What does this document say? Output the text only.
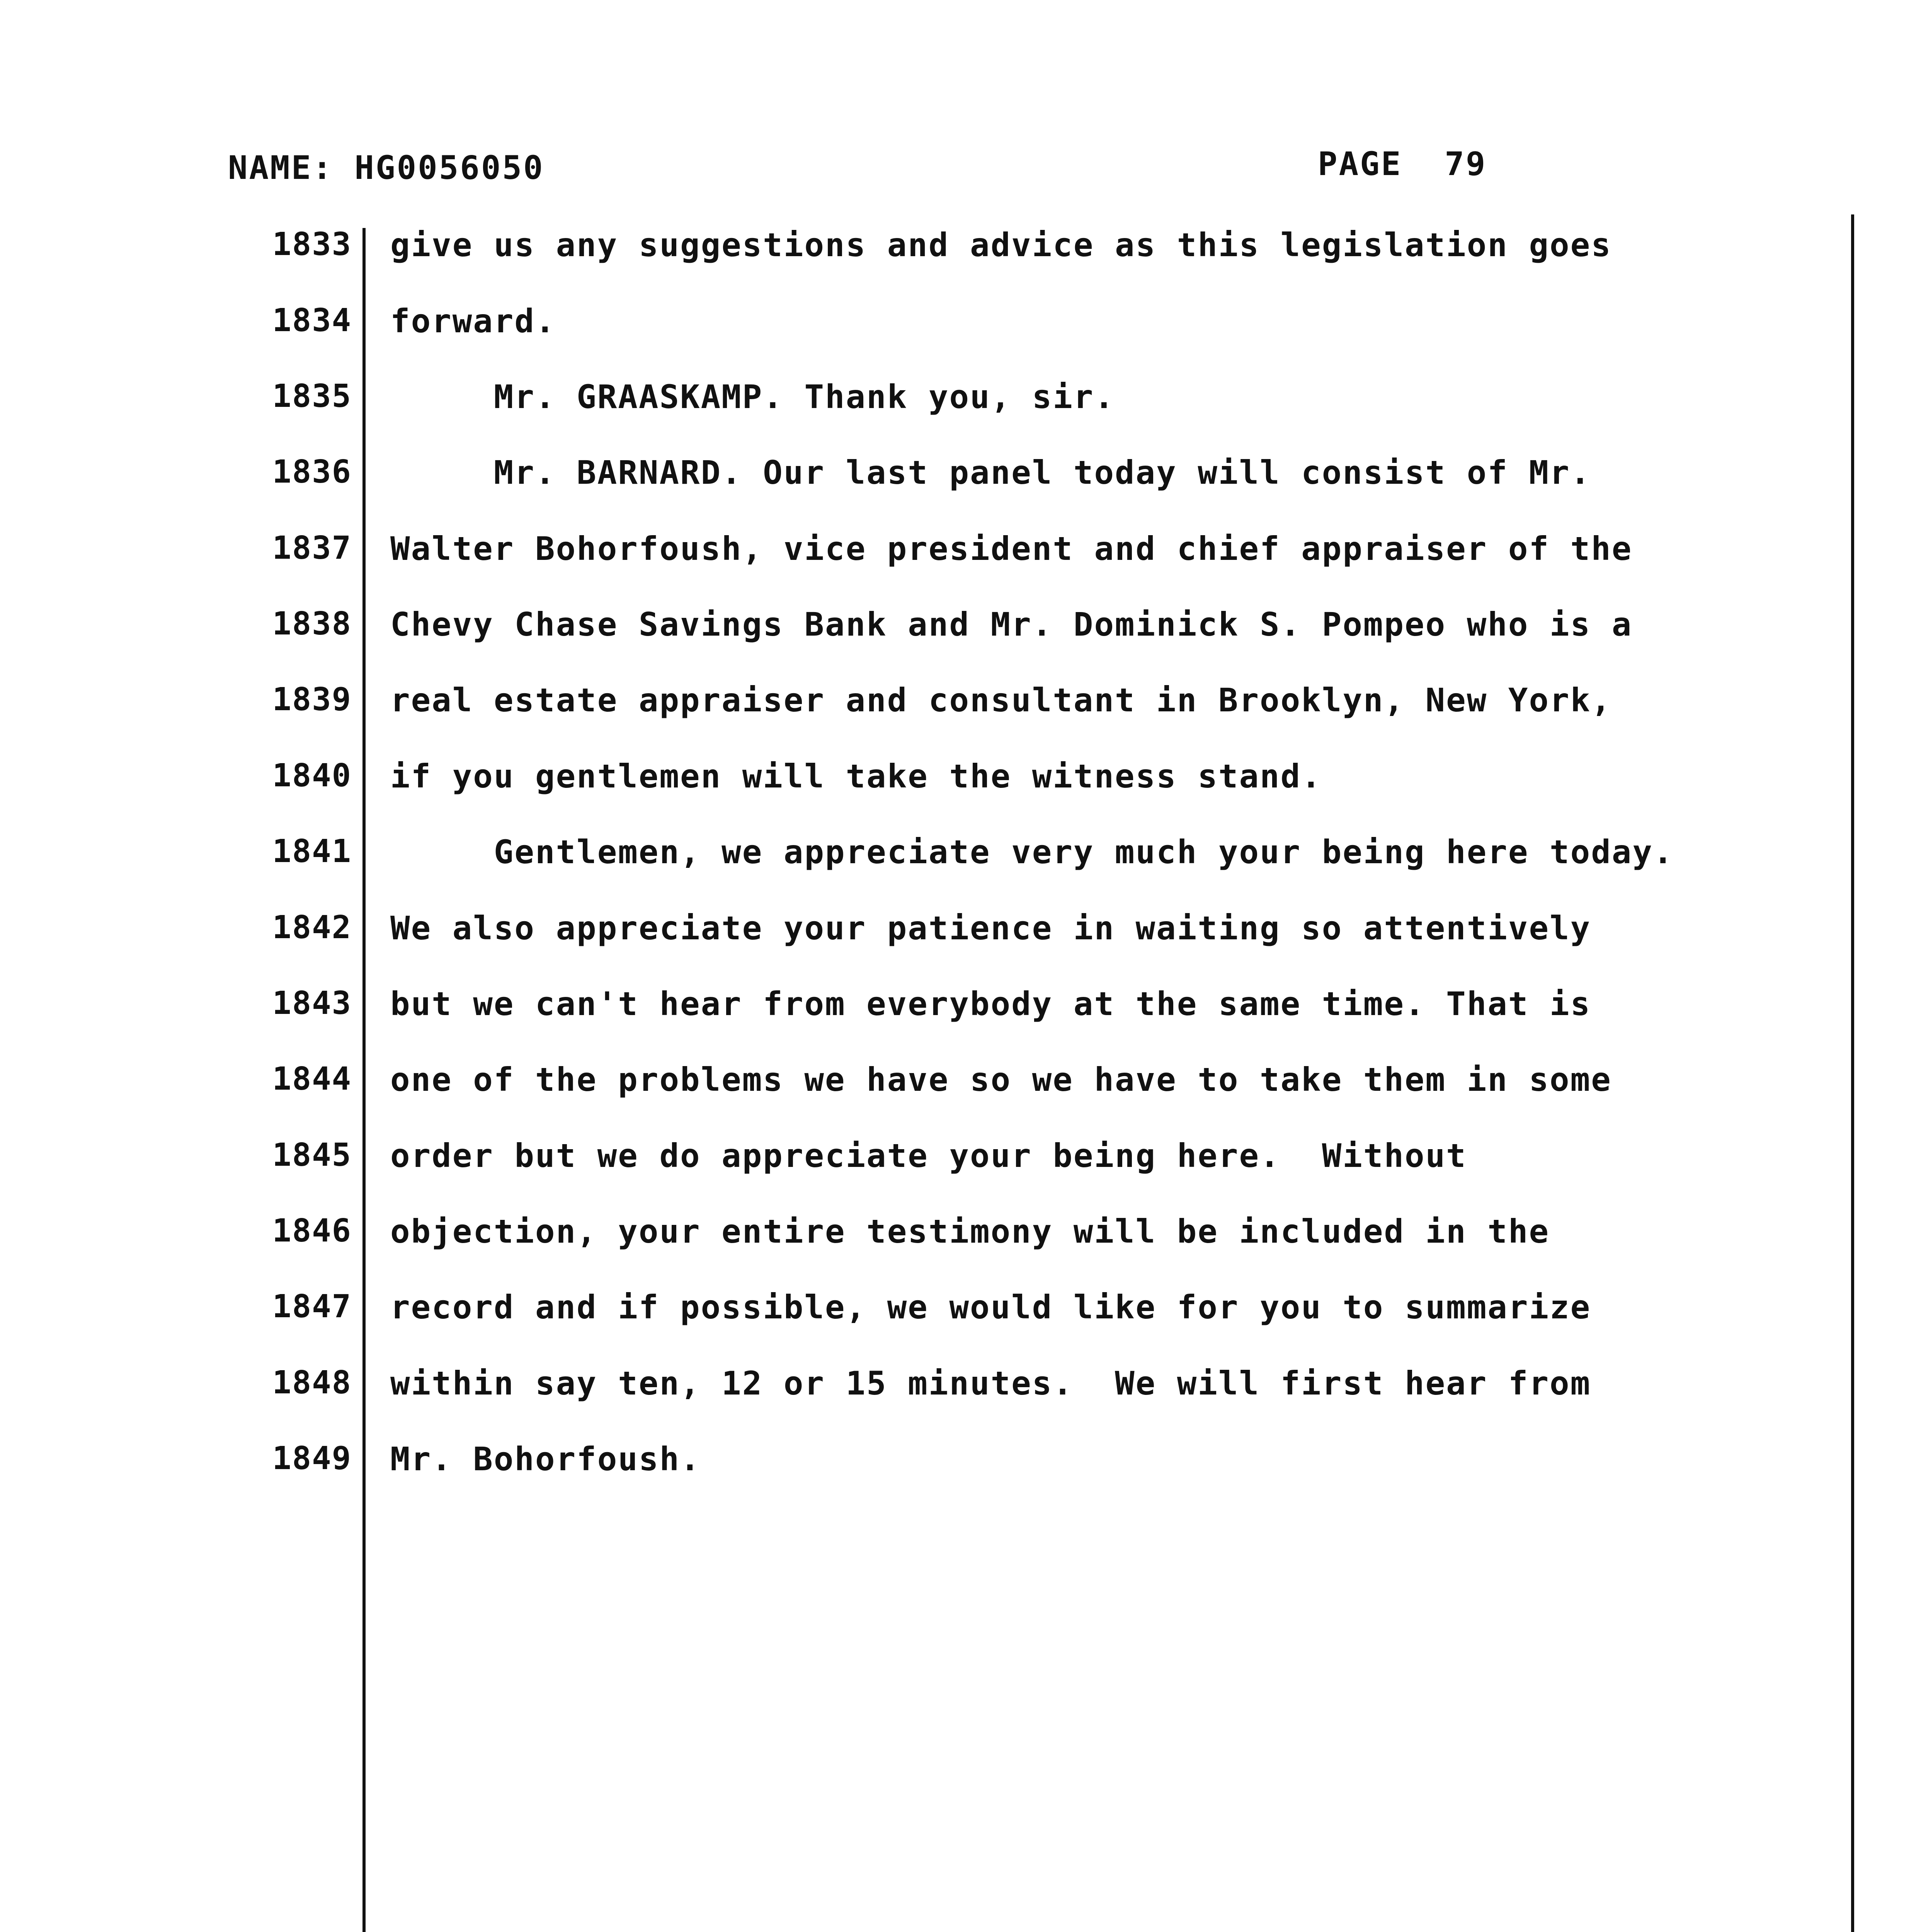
NAME: HG0056050	PAGE 79
1833 give us any suggestions and advice as this legislation goes
1834 forward.
1835 Mr. GRAASKAMP. Thank you, sir.
1836 Mr. BARNARD. Our last panel today will consist of Mr.
1837 Walter Bohorfoush, vice president and chief appraiser of the
1838 Chevy Chase Savings Bank and Mr. Dominick S. Pompeo who is a
1839 real estate appraiser and consultant in Brooklyn, New York,
1840 if you gentlemen will take the witness stand.
1841 Gentlemen, we appreciate very much your being here today.
1842 We also appreciate your patience in waiting so attentively
1843 but we can't hear from everybody at the same time. That is
1844 one of the problems we have so we have to take them in some
1845 order but we do appreciate your being here.  Without
1846 objection, your entire testimony will be included in the
1847 record and if possible, we would like for you to summarize
1848 within say ten, 12 or 15 minutes.  We will first hear from
1849 Mr. Bohorfoush.
